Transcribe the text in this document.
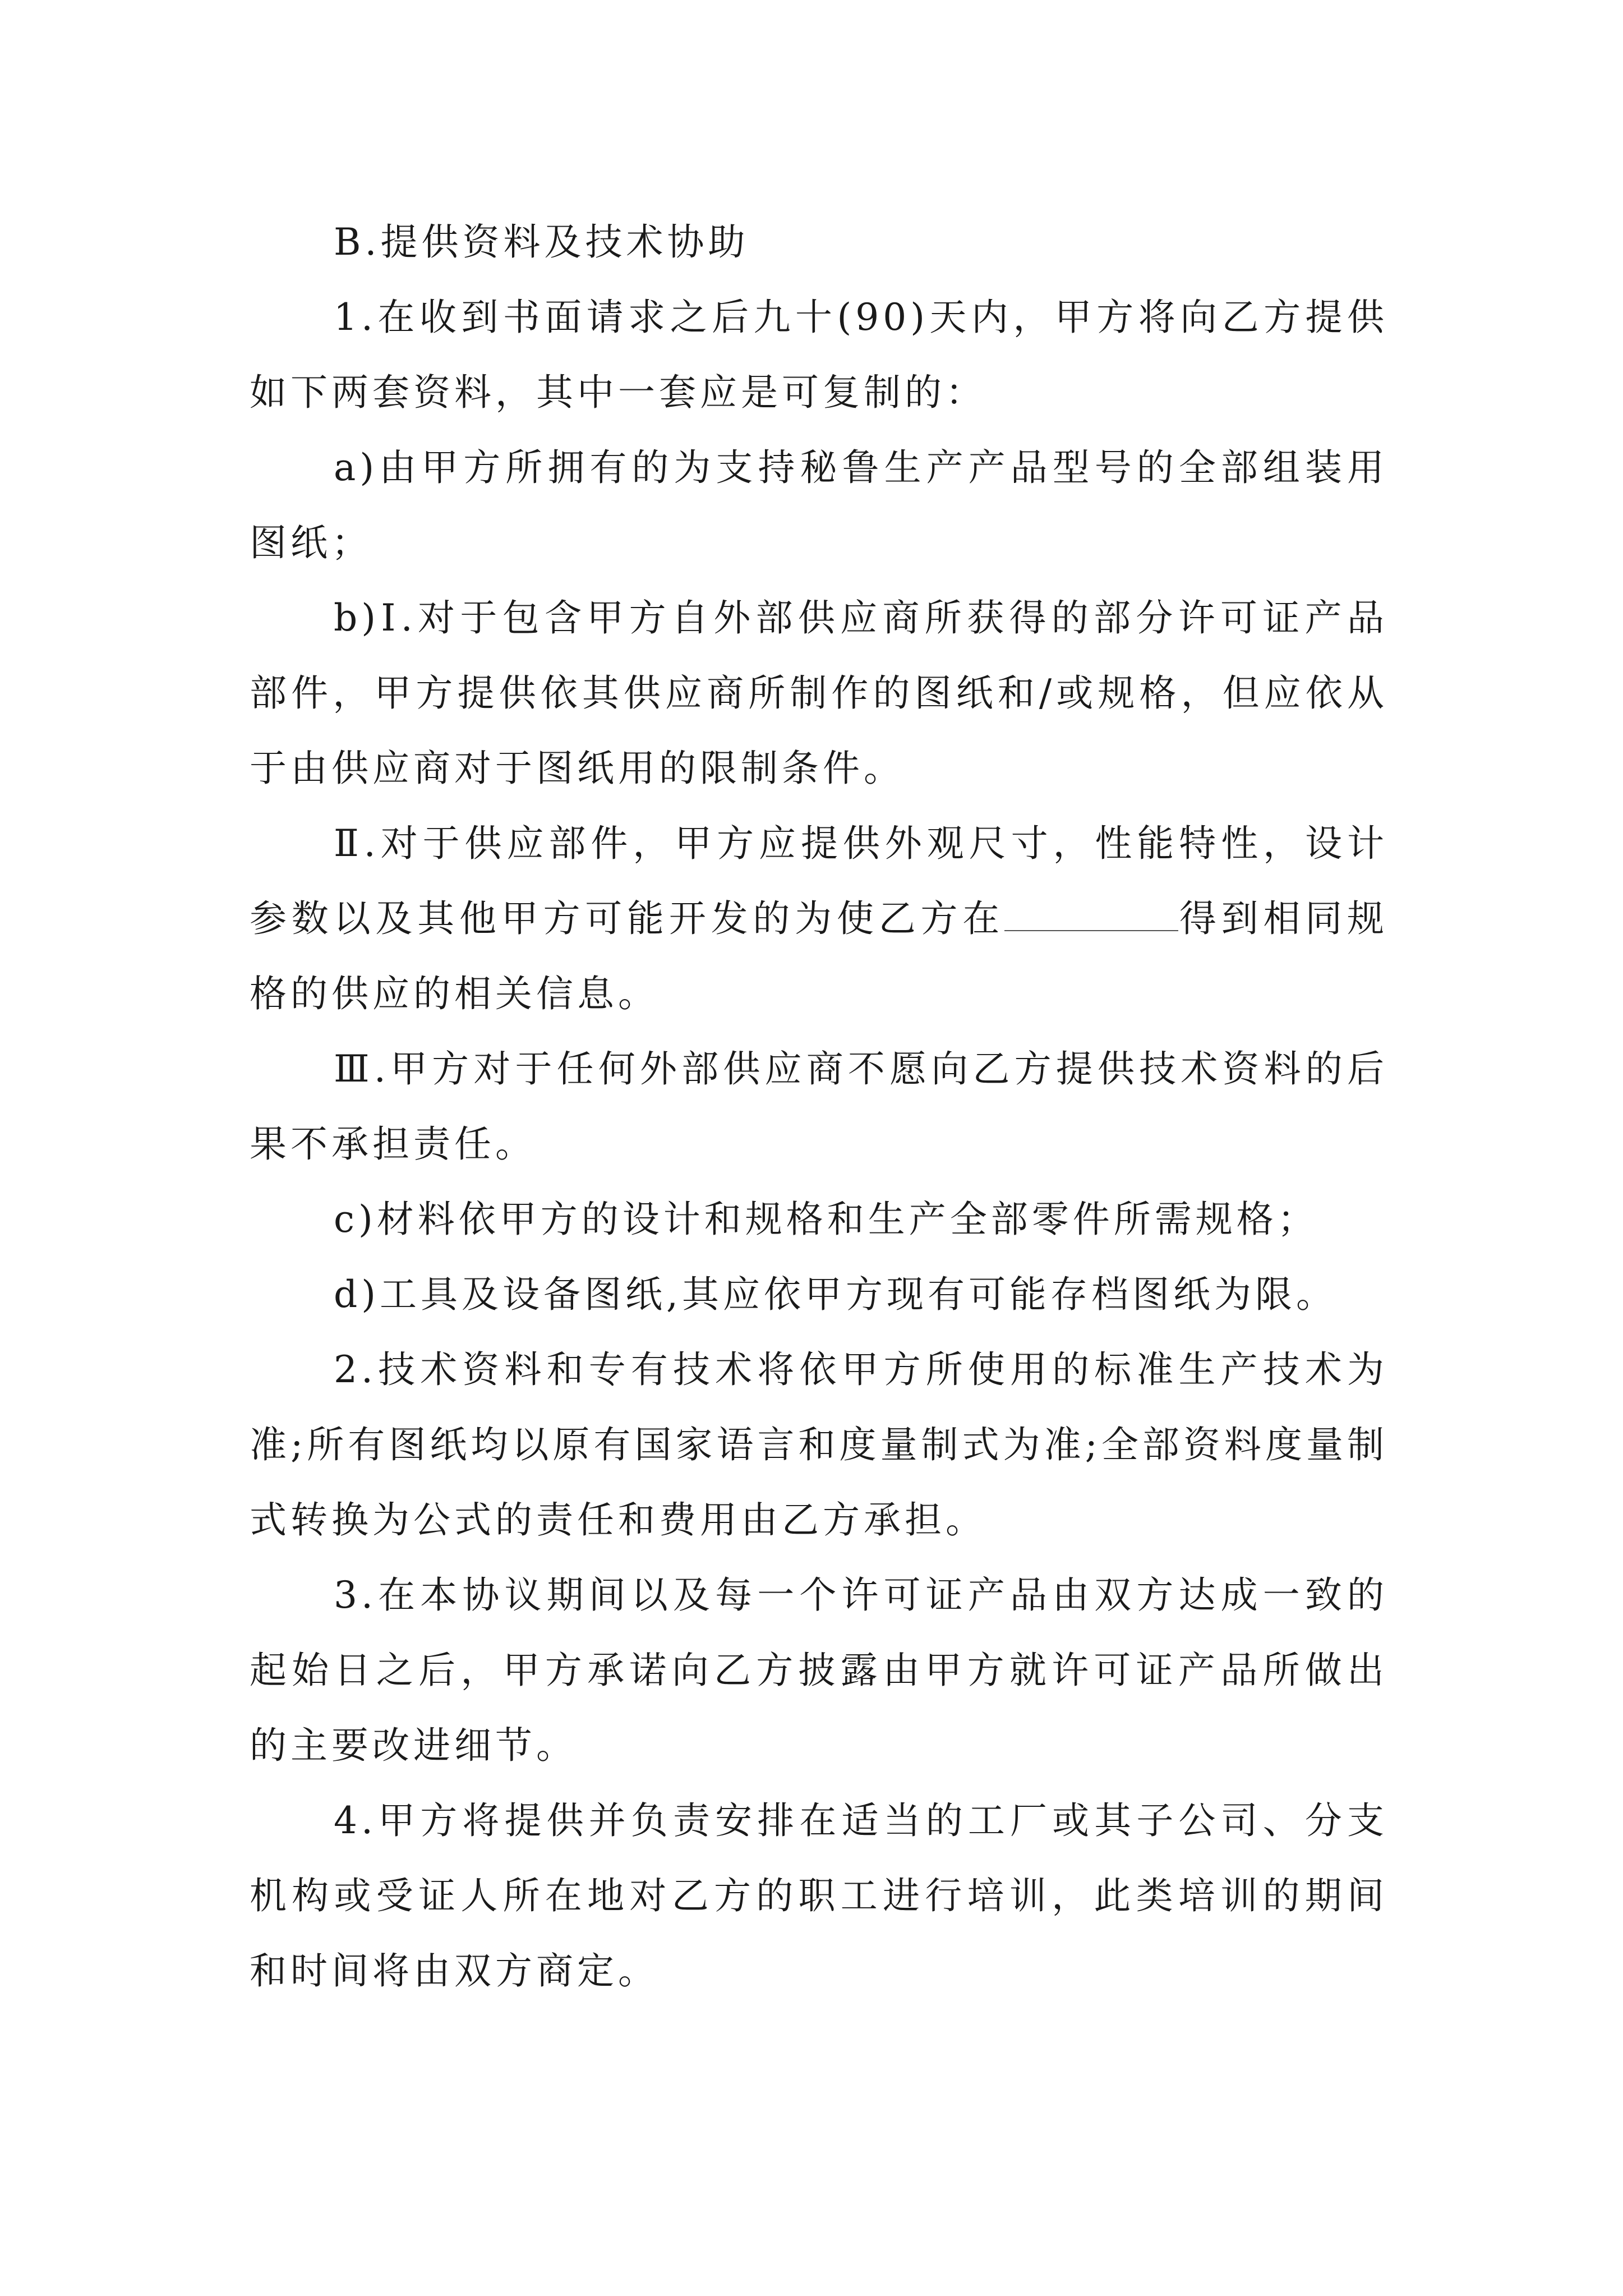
B.提供资料及技术协助

1.在收到书面请求之后九十(90)天内，甲方将向乙方提供如下两套资料，其中一套应是可复制的：

a)由甲方所拥有的为支持秘鲁生产产品型号的全部组装用图纸；

b)Ⅰ.对于包含甲方自外部供应商所获得的部分许可证产品部件，甲方提供依其供应商所制作的图纸和/或规格，但应依从于由供应商对于图纸用的限制条件。

Ⅱ.对于供应部件，甲方应提供外观尺寸，性能特性，设计参数以及其他甲方可能开发的为使乙方在	得到相同规格的供应的相关信息。

Ⅲ.甲方对于任何外部供应商不愿向乙方提供技术资料的后果不承担责任。

c)材料依甲方的设计和规格和生产全部零件所需规格；

d)工具及设备图纸,其应依甲方现有可能存档图纸为限。

2.技术资料和专有技术将依甲方所使用的标准生产技术为准;所有图纸均以原有国家语言和度量制式为准;全部资料度量制式转换为公式的责任和费用由乙方承担。

3.在本协议期间以及每一个许可证产品由双方达成一致的起始日之后，甲方承诺向乙方披露由甲方就许可证产品所做出的主要改进细节。

4.甲方将提供并负责安排在适当的工厂或其子公司、分支机构或受证人所在地对乙方的职工进行培训，此类培训的期间和时间将由双方商定。
